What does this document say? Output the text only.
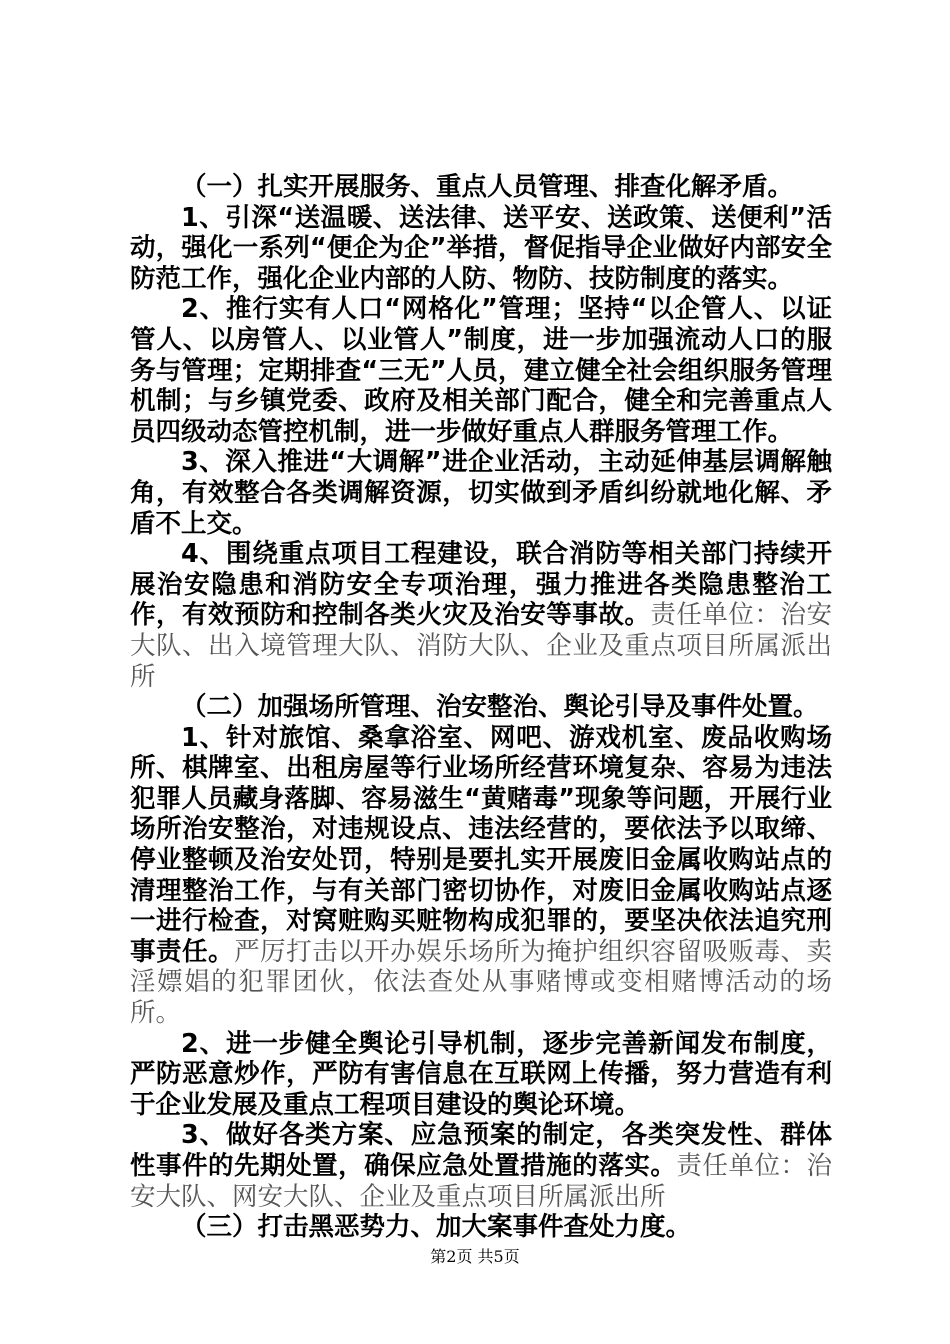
（一）扎实开展服务、重点人员管理、排查化解矛盾。

1、引深“送温暖、送法律、送平安、送政策、送便利”活动，强化一系列“便企为企”举措，督促指导企业做好内部安全防范工作，强化企业内部的人防、物防、技防制度的落实。

2、推行实有人口“网格化”管理；坚持“以企管人、以证管人、以房管人、以业管人”制度，进一步加强流动人口的服务与管理；定期排查“三无”人员，建立健全社会组织服务管理机制；与乡镇党委、政府及相关部门配合，健全和完善重点人员四级动态管控机制，进一步做好重点人群服务管理工作。

3、深入推进“大调解”进企业活动，主动延伸基层调解触角，有效整合各类调解资源，切实做到矛盾纠纷就地化解、矛盾不上交。

4、围绕重点项目工程建设，联合消防等相关部门持续开展治安隐患和消防安全专项治理，强力推进各类隐患整治工作，有效预防和控制各类火灾及治安等事故。责任单位：治安大队、出入境管理大队、消防大队、企业及重点项目所属派出所

（二）加强场所管理、治安整治、舆论引导及事件处置。

1、针对旅馆、桑拿浴室、网吧、游戏机室、废品收购场所、棋牌室、出租房屋等行业场所经营环境复杂、容易为违法犯罪人员藏身落脚、容易滋生“黄赌毒”现象等问题，开展行业场所治安整治，对违规设点、违法经营的，要依法予以取缔、停业整顿及治安处罚，特别是要扎实开展废旧金属收购站点的清理整治工作，与有关部门密切协作，对废旧金属收购站点逐一进行检查，对窝赃购买赃物构成犯罪的，要坚决依法追究刑事责任。严厉打击以开办娱乐场所为掩护组织容留吸贩毒、卖淫嫖娼的犯罪团伙，依法查处从事赌博或变相赌博活动的场所。

2、进一步健全舆论引导机制，逐步完善新闻发布制度，严防恶意炒作，严防有害信息在互联网上传播，努力营造有利于企业发展及重点工程项目建设的舆论环境。

3、做好各类方案、应急预案的制定，各类突发性、群体性事件的先期处置，确保应急处置措施的落实。责任单位：治安大队、网安大队、企业及重点项目所属派出所

（三）打击黑恶势力、加大案事件查处力度。

第2页 共5页
